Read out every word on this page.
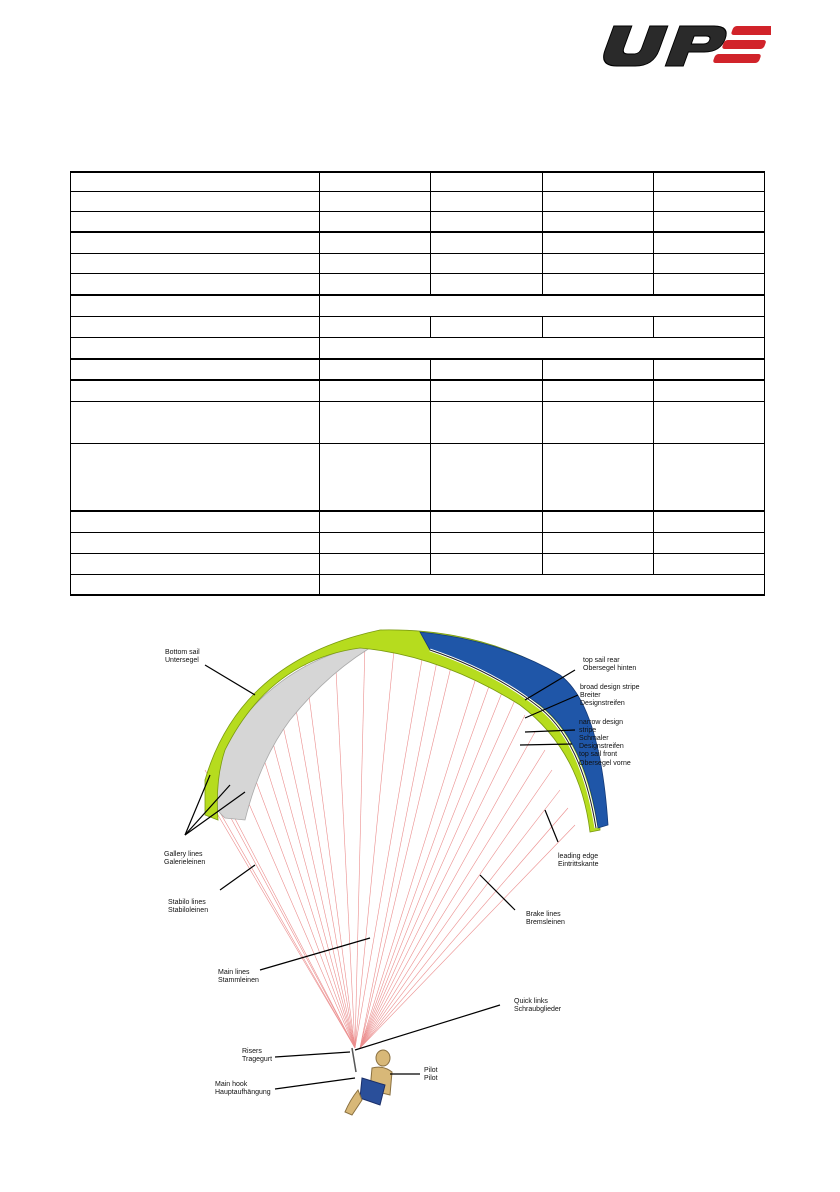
Bottom sail
Untersegel	top sail rear
Obersegel hinten
broad design stripe
Breiter
Designstreifen
narrow design
stripe
Schmaler
Designstreifen
top sail front
Obersegel vorne
Gallery lines
Galerieleinen
leading edge
Eintrittskante
Stabilo lines
Stabiloleinen
Brake lines
Bremsleinen
Main lines
Stammleinen
Quick links
Schraubglieder
Risers
Tragegurt
Pilot
Pilot
Main hook
Hauptaufhängung
